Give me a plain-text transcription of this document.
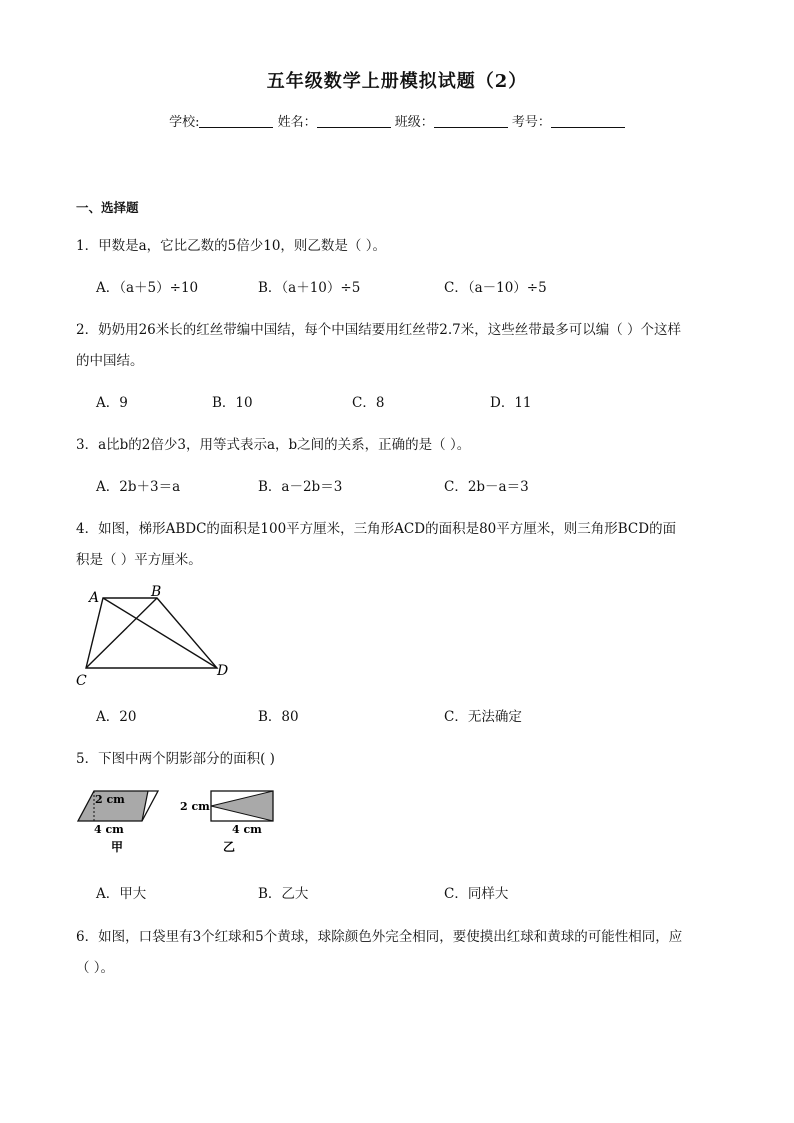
五年级数学上册模拟试题（2）
学校:	姓名：	班级：	考号：
一、选择题
1．甲数是a，它比乙数的5倍少10，则乙数是（ ）。
A．（a＋5）÷10	B．（a＋10）÷5	C．（a－10）÷5
2．奶奶用26米长的红丝带编中国结，每个中国结要用红丝带2.7米，这些丝带最多可以编（ ）个这样
的中国结。
A．9	B．10	C．8	D．11
3．a比b的2倍少3，用等式表示a，b之间的关系，正确的是（ ）。
A．2b＋3＝a	B．a－2b＝3	C．2b－a＝3
4．如图，梯形ABDC的面积是100平方厘米，三角形ACD的面积是80平方厘米，则三角形BCD的面
积是（ ）平方厘米。
A	B
C
D
A．20	B．80	C．无法确定
5．下图中两个阴影部分的面积( )
2 cm
4 cm
甲
2 cm
4 cm
乙
A．甲大	B．乙大	C．同样大
6．如图，口袋里有3个红球和5个黄球，球除颜色外完全相同，要使摸出红球和黄球的可能性相同，应
（ ）。
